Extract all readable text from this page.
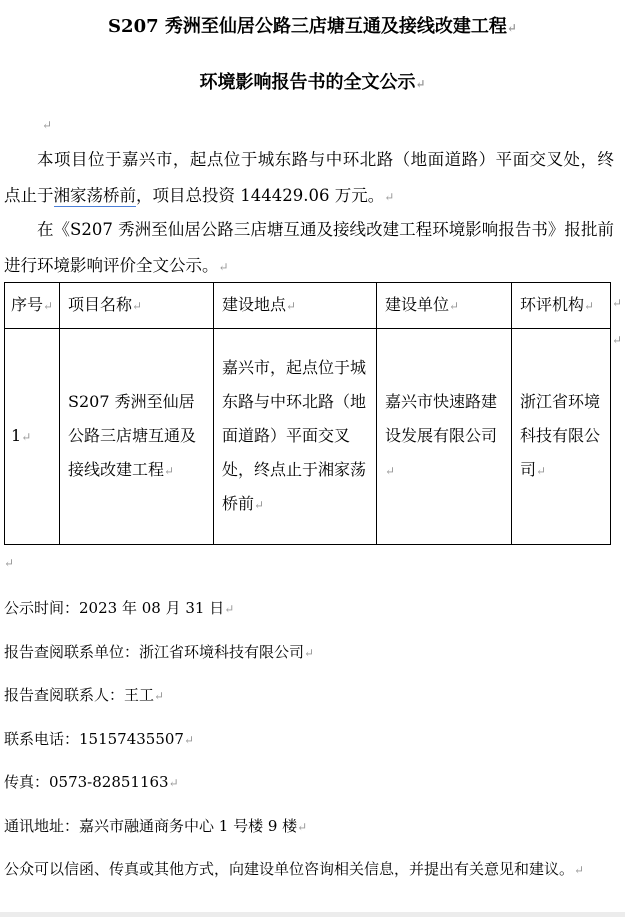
S207 秀洲至仙居公路三店塘互通及接线改建工程↵
环境影响报告书的全文公示↵
↵
本项目位于嘉兴市，起点位于城东路与中环北路（地面道路）平面交叉处，终点止于湘家荡桥前，项目总投资 144429.06 万元。↵
在《S207 秀洲至仙居公路三店塘互通及接线改建工程环境影响报告书》报批前进行环境影响评价全文公示。↵
序号↵	项目名称↵	建设地点↵	建设单位↵	环评机构↵
1↵	S207 秀洲至仙居公路三店塘互通及接线改建工程↵	嘉兴市，起点位于城东路与中环北路（地面道路）平面交叉处，终点止于湘家荡桥前↵	嘉兴市快速路建设发展有限公司↵	浙江省环境科技有限公司↵
↵
↵
↵
公示时间：2023 年 08 月 31 日↵
报告查阅联系单位：浙江省环境科技有限公司↵
报告查阅联系人：王工↵
联系电话：15157435507↵
传真：0573-82851163↵
通讯地址：嘉兴市融通商务中心 1 号楼 9 楼↵
公众可以信函、传真或其他方式，向建设单位咨询相关信息，并提出有关意见和建议。↵
